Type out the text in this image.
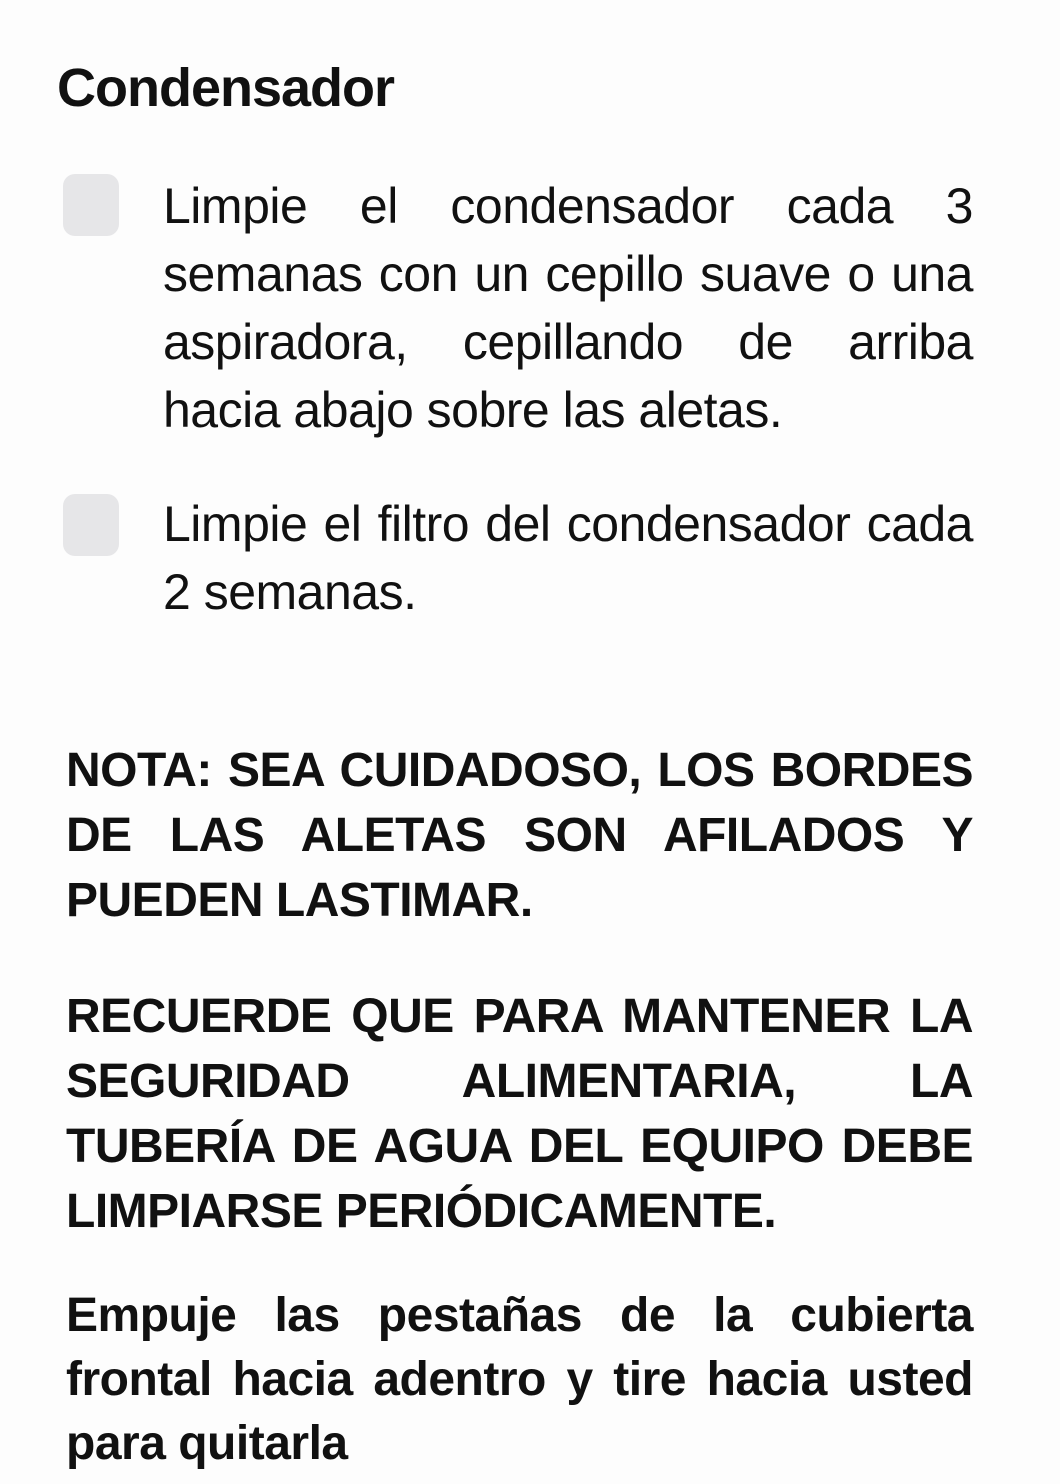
Condensador
Limpie el condensador cada 3 semanas con un cepillo suave o una aspiradora, cepillando de arriba hacia abajo sobre las aletas.
Limpie el filtro del condensador cada 2 semanas.

NOTA: SEA CUIDADOSO, LOS BORDES DE LAS ALETAS SON AFILADOS Y PUEDEN LASTIMAR.

RECUERDE QUE PARA MANTENER LA SEGURIDAD ALIMENTARIA, LA TUBERÍA DE AGUA DEL EQUIPO DEBE LIMPIARSE PERIÓDICAMENTE.

Empuje las pestañas de la cubierta frontal hacia adentro y tire hacia usted para quitarla
